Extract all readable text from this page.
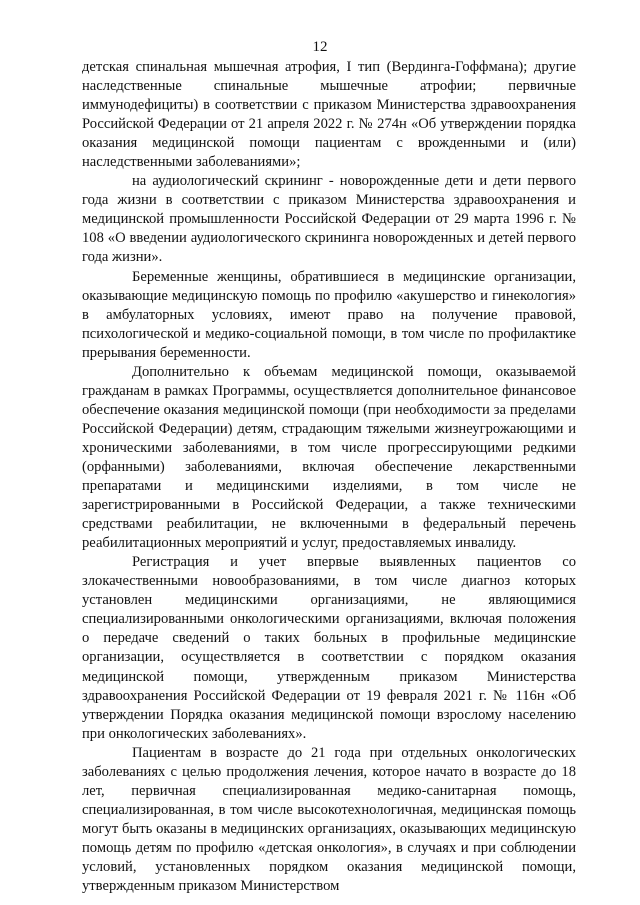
12

детская спинальная мышечная атрофия, I тип (Вердинга-Гоффмана); другие наследственные спинальные мышечные атрофии; первичные иммунодефициты) в соответствии с приказом Министерства здравоохранения Российской Федерации от 21 апреля 2022 г. № 274н «Об утверждении порядка оказания медицинской помощи пациентам с врожденными и (или) наследственными заболеваниями»;

на аудиологический скрининг - новорожденные дети и дети первого года жизни в соответствии с приказом Министерства здравоохранения и медицинской промышленности Российской Федерации от 29 марта 1996 г. № 108 «О введении аудиологического скрининга новорожденных и детей первого года жизни».

Беременные женщины, обратившиеся в медицинские организации, оказывающие медицинскую помощь по профилю «акушерство и гинекология» в амбулаторных условиях, имеют право на получение правовой, психологической и медико-социальной помощи, в том числе по профилактике прерывания беременности.

Дополнительно к объемам медицинской помощи, оказываемой гражданам в рамках Программы, осуществляется дополнительное финансовое обеспечение оказания медицинской помощи (при необходимости за пределами Российской Федерации) детям, страдающим тяжелыми жизнеугрожающими и хроническими заболеваниями, в том числе прогрессирующими редкими (орфанными) заболеваниями, включая обеспечение лекарственными препаратами и медицинскими изделиями, в том числе не зарегистрированными в Российской Федерации, а также техническими средствами реабилитации, не включенными в федеральный перечень реабилитационных мероприятий и услуг, предоставляемых инвалиду.

Регистрация и учет впервые выявленных пациентов со злокачественными новообразованиями, в том числе диагноз которых установлен медицинскими организациями, не являющимися специализированными онкологическими организациями, включая положения о передаче сведений о таких больных в профильные медицинские организации, осуществляется в соответствии с порядком оказания медицинской помощи, утвержденным приказом Министерства здравоохранения Российской Федерации от 19 февраля 2021 г. № 116н «Об утверждении Порядка оказания медицинской помощи взрослому населению при онкологических заболеваниях».

Пациентам в возрасте до 21 года при отдельных онкологических заболеваниях с целью продолжения лечения, которое начато в возрасте до 18 лет, первичная специализированная медико-санитарная помощь, специализированная, в том числе высокотехнологичная, медицинская помощь могут быть оказаны в медицинских организациях, оказывающих медицинскую помощь детям по профилю «детская онкология», в случаях и при соблюдении условий, установленных порядком оказания медицинской помощи, утвержденным приказом Министерством
